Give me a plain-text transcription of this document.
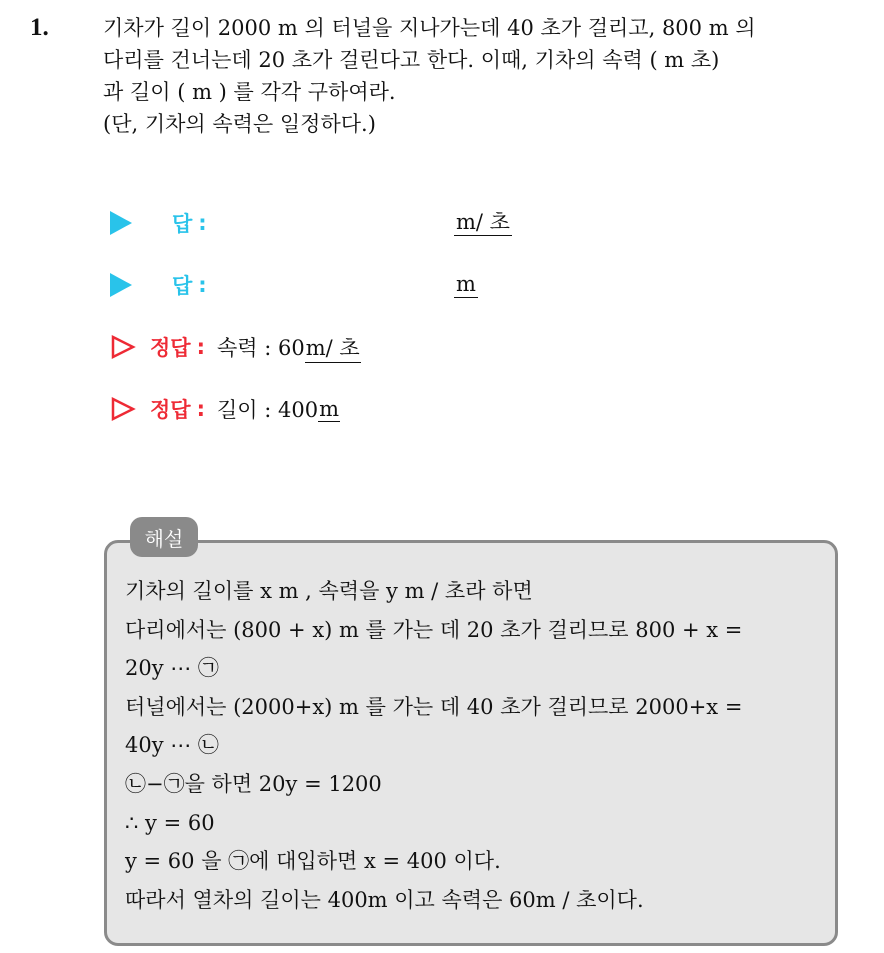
1.	기차가 길이 2000 m 의 터널을 지나가는데 40 초가 걸리고, 800 m 의
다리를 건너는데 20 초가 걸린다고 한다. 이때, 기차의 속력 ( m 초)
과 길이 ( m ) 를 각각 구하여라.
(단, 기차의 속력은 일정하다.)
답 :	m/ 초
답 :	m
정답 : 속력 : 60 m/ 초
정답 : 길이 : 400 m
해설
기차의 길이를 x m , 속력을 y m / 초라 하면
다리에서는 (800 + x) m 를 가는 데 20 초가 걸리므로 800 + x =
20y ⋯ ㉠
터널에서는 (2000+x) m 를 가는 데 40 초가 걸리므로 2000+x =
40y ⋯ ㉡
㉡−㉠을 하면 20y = 1200
∴ y = 60
y = 60 을 ㉠에 대입하면 x = 400 이다.
따라서 열차의 길이는 400m 이고 속력은 60m / 초이다.
